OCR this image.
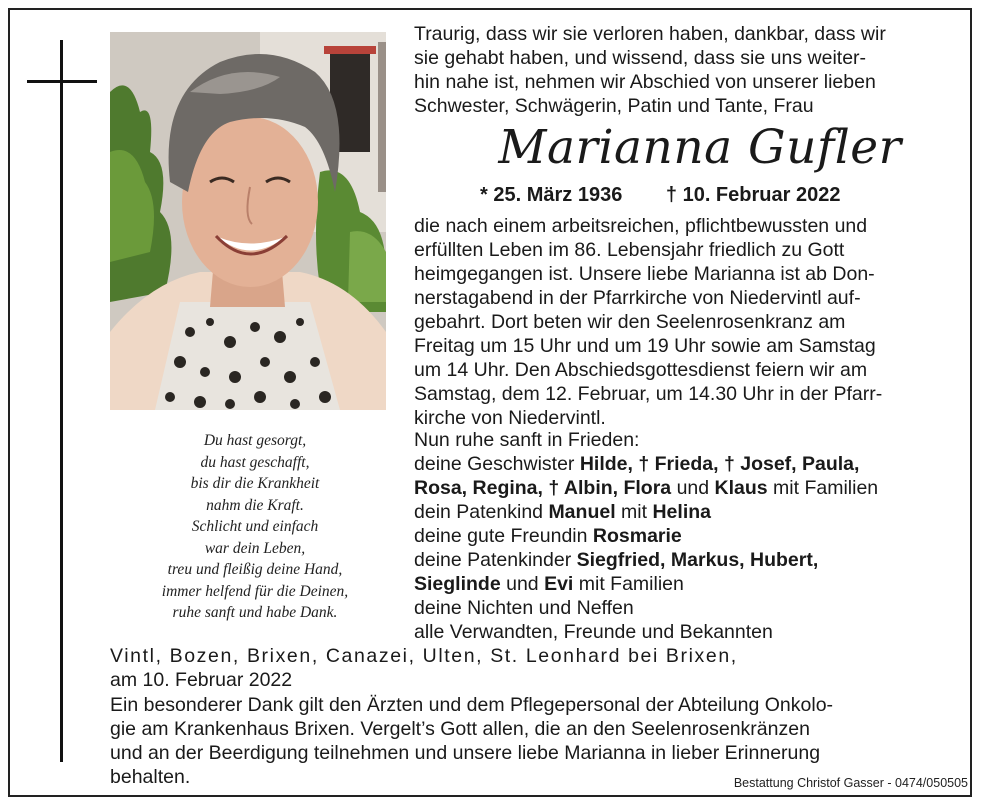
Du hast gesorgt,
du hast geschafft,
bis dir die Krankheit
nahm die Kraft.
Schlicht und einfach
war dein Leben,
treu und fleißig deine Hand,
immer helfend für die Deinen,
ruhe sanft und habe Dank.
Traurig, dass wir sie verloren haben, dankbar, dass wir
sie gehabt haben, und wissend, dass sie uns weiter-
hin nahe ist, nehmen wir Abschied von unserer lieben
Schwester, Schwägerin, Patin und Tante, Frau
Marianna Gufler
* 25. März 1936 † 10. Februar 2022
die nach einem arbeitsreichen, pflichtbewussten und
erfüllten Leben im 86. Lebensjahr friedlich zu Gott
heimgegangen ist. Unsere liebe Marianna ist ab Don-
nerstagabend in der Pfarrkirche von Niedervintl auf-
gebahrt. Dort beten wir den Seelenrosenkranz am
Freitag um 15 Uhr und um 19 Uhr sowie am Samstag
um 14 Uhr. Den Abschiedsgottesdienst feiern wir am
Samstag, dem 12. Februar, um 14.30 Uhr in der Pfarr-
kirche von Niedervintl.
Nun ruhe sanft in Frieden:
deine Geschwister Hilde, † Frieda, † Josef, Paula,
Rosa, Regina, † Albin, Flora und Klaus mit Familien
dein Patenkind Manuel mit Helina
deine gute Freundin Rosmarie
deine Patenkinder Siegfried, Markus, Hubert,
Sieglinde und Evi mit Familien
deine Nichten und Neffen
alle Verwandten, Freunde und Bekannten
Vintl, Bozen, Brixen, Canazei, Ulten, St. Leonhard bei Brixen,
am 10. Februar 2022
Ein besonderer Dank gilt den Ärzten und dem Pflegepersonal der Abteilung Onkolo-
gie am Krankenhaus Brixen. Vergelt’s Gott allen, die an den Seelenrosenkränzen
und an der Beerdigung teilnehmen und unsere liebe Marianna in lieber Erinnerung
behalten.	Bestattung Christof Gasser - 0474/050505
